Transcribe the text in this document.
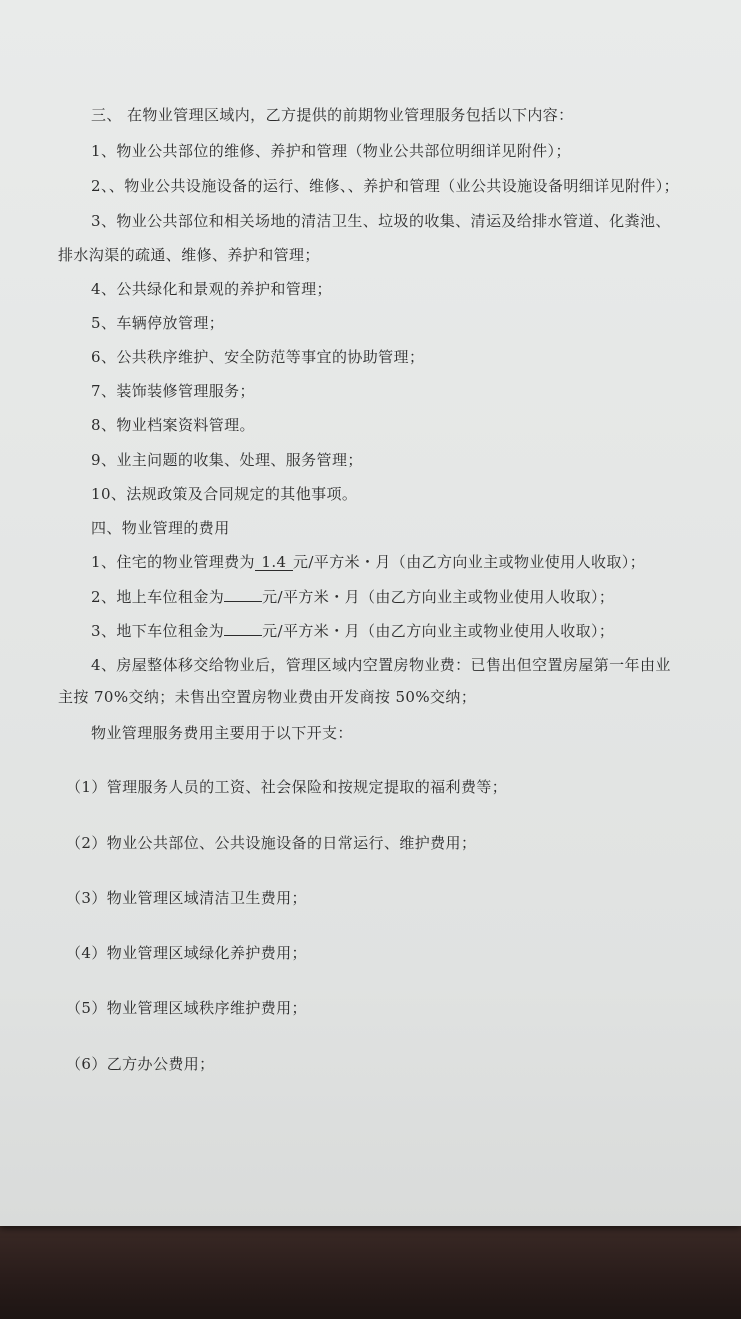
三、 在物业管理区域内，乙方提供的前期物业管理服务包括以下内容：

1、物业公共部位的维修、养护和管理（物业公共部位明细详见附件）；

2、、物业公共设施设备的运行、维修、、养护和管理（业公共设施设备明细详见附件）；

3、物业公共部位和相关场地的清洁卫生、垃圾的收集、清运及给排水管道、化粪池、

排水沟渠的疏通、维修、养护和管理；

4、公共绿化和景观的养护和管理；

5、车辆停放管理；

6、公共秩序维护、安全防范等事宜的协助管理；

7、装饰装修管理服务；

8、物业档案资料管理。

9、业主问题的收集、处理、服务管理；

10、法规政策及合同规定的其他事项。

四、物业管理的费用

1、住宅的物业管理费为 1.4 元/平方米・月（由乙方向业主或物业使用人收取）；

2、地上车位租金为	元/平方米・月（由乙方向业主或物业使用人收取）；

3、地下车位租金为	元/平方米・月（由乙方向业主或物业使用人收取）；

4、房屋整体移交给物业后，管理区域内空置房物业费：已售出但空置房屋第一年由业

主按 70%交纳；未售出空置房物业费由开发商按 50%交纳；

物业管理服务费用主要用于以下开支：

（1）管理服务人员的工资、社会保险和按规定提取的福利费等；

（2）物业公共部位、公共设施设备的日常运行、维护费用；

（3）物业管理区域清洁卫生费用；

（4）物业管理区域绿化养护费用；

（5）物业管理区域秩序维护费用；

（6）乙方办公费用；
